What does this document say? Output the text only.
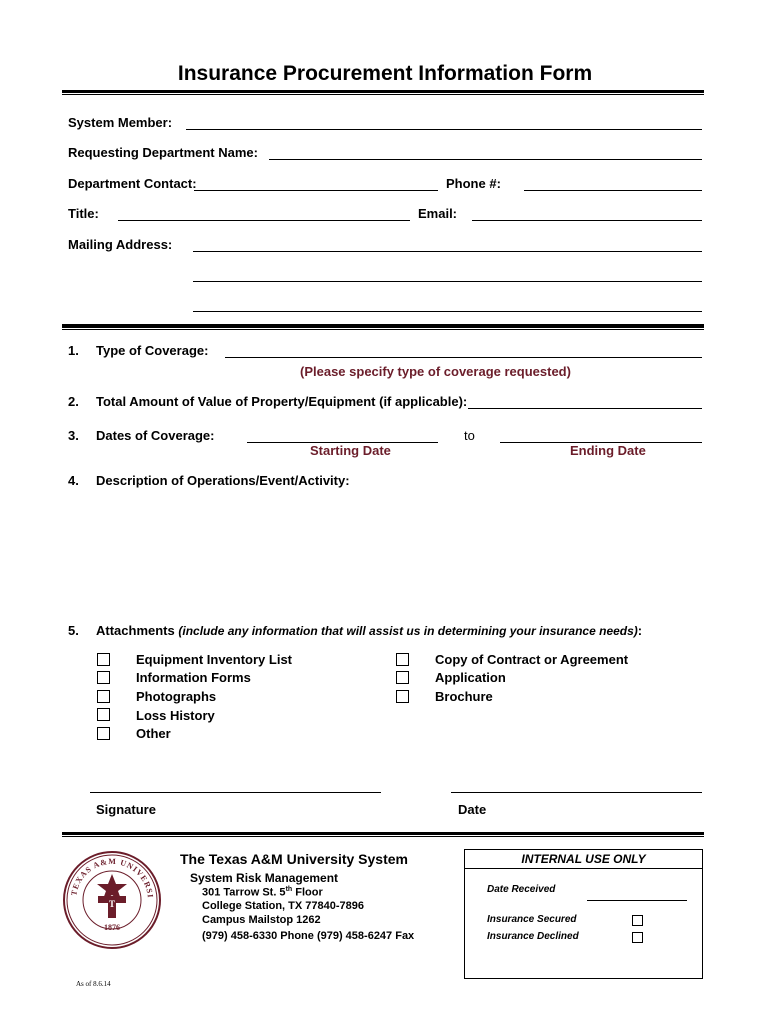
Insurance Procurement Information Form
System Member:
Requesting Department Name:
Department Contact:	Phone #:
Title:	Email:
Mailing Address:
1. Type of Coverage:
(Please specify type of coverage requested)
2. Total Amount of Value of Property/Equipment (if applicable):
3. Dates of Coverage:	to
Starting Date	Ending Date
4. Description of Operations/Event/Activity:
5. Attachments (include any information that will assist us in determining your insurance needs):
Equipment Inventory List
Information Forms
Photographs
Loss History
Other
Copy of Contract or Agreement
Application
Brochure
Signature	Date
TEXAS A&M UNIVERSI
T
1876
The Texas A&M University System
System Risk Management
301 Tarrow St. 5th Floor
College Station, TX 77840-7896
Campus Mailstop 1262
(979) 458-6330 Phone (979) 458-6247 Fax
As of 8.6.14
INTERNAL USE ONLY
Date Received
Insurance Secured
Insurance Declined
